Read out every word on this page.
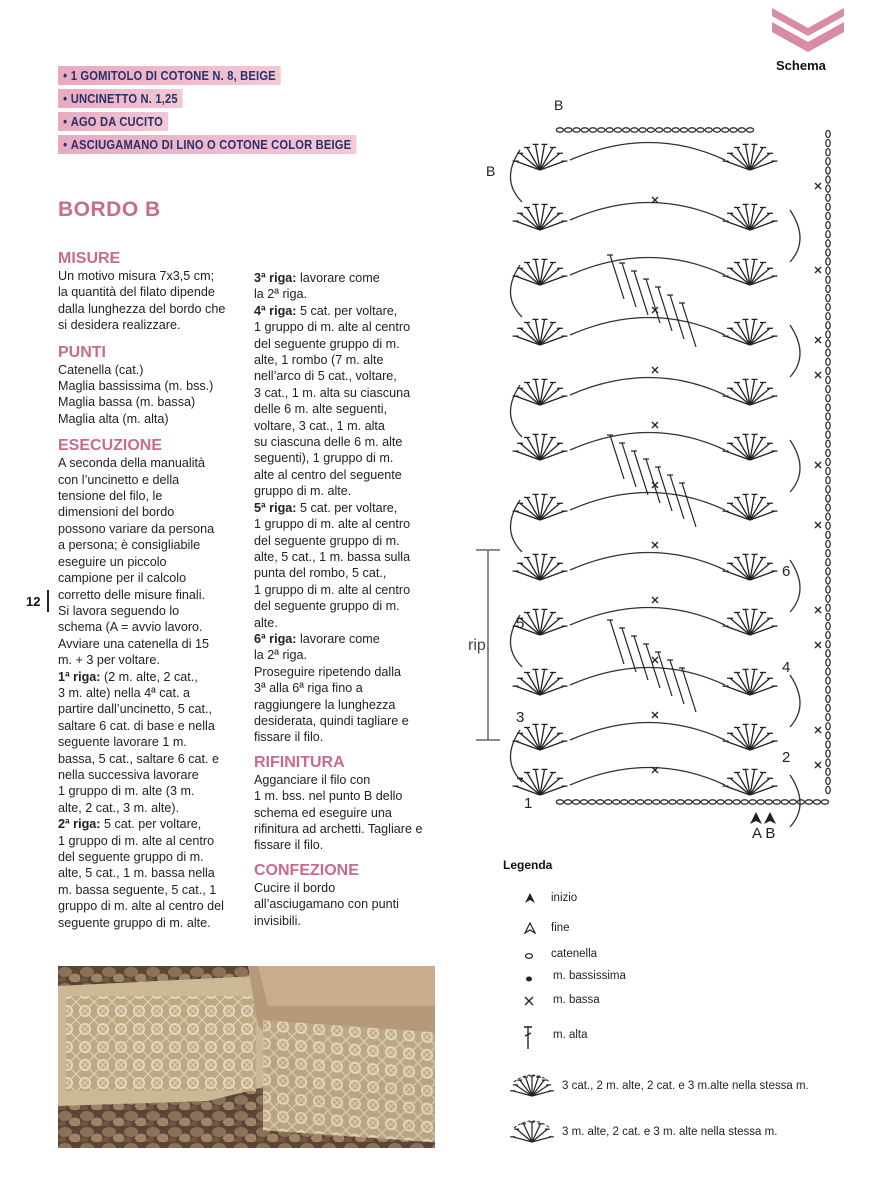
Schema
• 1 GOMITOLO DI COTONE N. 8, BEIGE
• UNCINETTO N. 1,25
• AGO DA CUCITO
• ASCIUGAMANO DI LINO O COTONE COLOR BEIGE
BORDO B
MISURE

Un motivo misura 7x3,5 cm;
la quantità del filato dipende
dalla lunghezza del bordo che
si desidera realizzare.

PUNTI

Catenella (cat.)
Maglia bassissima (m. bss.)
Maglia bassa (m. bassa)
Maglia alta (m. alta)

ESECUZIONE

A seconda della manualità
con l’uncinetto e della
tensione del filo, le
dimensioni del bordo
possono variare da persona
a persona; è consigliabile
eseguire un piccolo
campione per il calcolo
corretto delle misure finali.
Si lavora seguendo lo
schema (A = avvio lavoro.
Avviare una catenella di 15
m. + 3 per voltare.

1ª riga: (2 m. alte, 2 cat.,
3 m. alte) nella 4ª cat. a
partire dall’uncinetto, 5 cat.,
saltare 6 cat. di base e nella
seguente lavorare 1 m.
bassa, 5 cat., saltare 6 cat. e
nella successiva lavorare
1 gruppo di m. alte (3 m.
alte, 2 cat., 3 m. alte).

2ª riga: 5 cat. per voltare,
1 gruppo di m. alte al centro
del seguente gruppo di m.
alte, 5 cat., 1 m. bassa nella
m. bassa seguente, 5 cat., 1
gruppo di m. alte al centro del
seguente gruppo di m. alte.

12

3ª riga: lavorare come
la 2ª riga.

4ª riga: 5 cat. per voltare,
1 gruppo di m. alte al centro
del seguente gruppo di m.
alte, 1 rombo (7 m. alte
nell’arco di 5 cat., voltare,
3 cat., 1 m. alta su ciascuna
delle 6 m. alte seguenti,
voltare, 3 cat., 1 m. alta
su ciascuna delle 6 m. alte
seguenti), 1 gruppo di m.
alte al centro del seguente
gruppo di m. alte.

5ª riga: 5 cat. per voltare,
1 gruppo di m. alte al centro
del seguente gruppo di m.
alte, 5 cat., 1 m. bassa sulla
punta del rombo, 5 cat.,
1 gruppo di m. alte al centro
del seguente gruppo di m.
alte.

6ª riga: lavorare come
la 2ª riga.

Proseguire ripetendo dalla
3ª alla 6ª riga fino a
raggiungere la lunghezza
desiderata, quindi tagliare e
fissare il filo.

RIFINITURA

Agganciare il filo con
1 m. bss. nel punto B dello
schema ed eseguire una
rifinitura ad archetti. Tagliare e
fissare il filo.

CONFEZIONE

Cucire il bordo
all’asciugamano con punti
invisibili.

B
B
rip.
1
2
3
4
5
6
A B
Legenda
inizio
fine
catenella
m. bassissima
m. bassa
m. alta
3 cat., 2 m. alte, 2 cat. e 3 m.alte nella stessa m.
3 m. alte, 2 cat. e 3 m. alte nella stessa m.
